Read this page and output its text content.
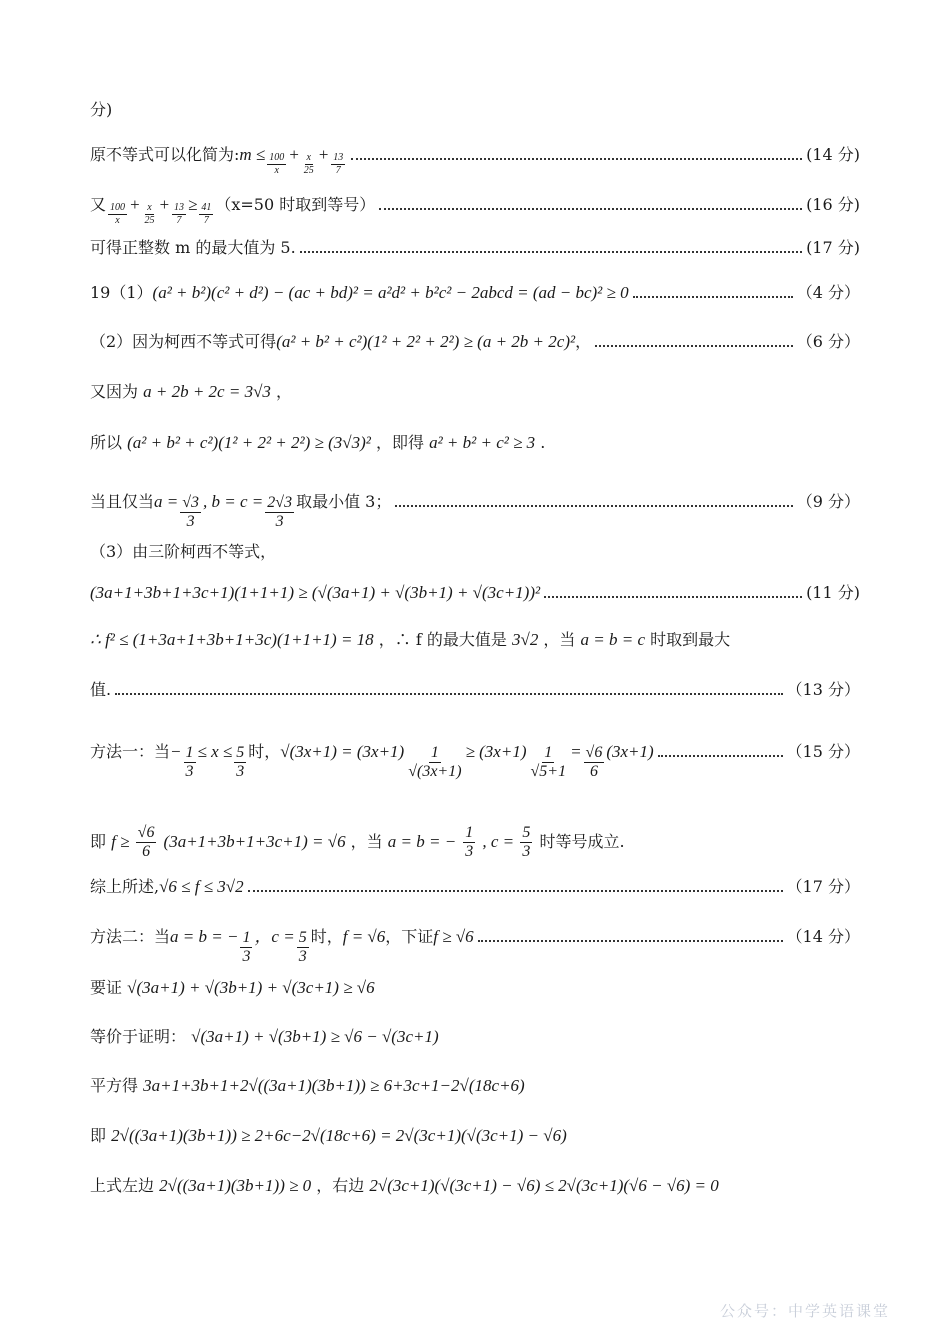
分)
原不等式可以化简为: $m \le \frac{100}{x} + \frac{x}{25} + \frac{13}{7}$	(14 分)
又 $\frac{100}{x} + \frac{x}{25} + \frac{13}{7} \ge \frac{41}{7} (x=50$ 时取到等号）	(16 分)
可得正整数 m 的最大值为 5.	(17 分)
19（1） (a² + b²)(c² + d²) − (ac + bd)² = a²d² + b²c² − 2abcd = (ad − bc)² ≥ 0	（4 分）
（2）因为柯西不等式可得 (a² + b² + c²)(1² + 2² + 2²) ≥ (a + 2b + 2c)² ，	（6 分）
又因为 a + 2b + 2c = 3√3 ，
所以 (a² + b² + c²)(1² + 2² + 2²) ≥ (3√3)² ，即得 a² + b² + c² ≥ 3 .
当且仅当 $a = \frac{√3}{3}$ , $b = c = \frac{2√3}{3}$ 取最小值 3；	（9 分）
（3）由三阶柯西不等式，
(3a+1+3b+1+3c+1)(1+1+1) ≥ (√(3a+1) + √(3b+1) + √(3c+1))²	(11 分)
∴ f² ≤ (1+3a+1+3b+1+3c)(1+1+1) = 18 ，∴ f 的最大值是 3√2 ，当 a = b = c 时取到最大
值.	（13 分）
方法一：当 − $\frac{1}{3} \le x \le \frac{5}{3}$ 时， $√(3x+1) = (3x+1) \frac{1}{√(3x+1)} \ge (3x+1) \frac{1}{√5+1} = \frac{√6}{6} (3x+1)$	（15 分）
即 $f \ge \frac{√6}{6} (3a+1+3b+1+3c+1) = √6$ ，当 a = b = − $\frac{1}{3}$ , $c = \frac{5}{3}$ 时等号成立.
综上所述, √6 ≤ f ≤ 3√2	（17 分）
方法二：当 a = b = − $\frac{1}{3}$ ，$c = \frac{5}{3}$ 时， f = √6 ，下证 f ≥ √6	（14 分）
要证 √(3a+1) + √(3b+1) + √(3c+1) ≥ √6
等价于证明： √(3a+1) + √(3b+1) ≥ √6 − √(3c+1)
平方得 3a+1+3b+1+2√((3a+1)(3b+1)) ≥ 6+3c+1−2√(18c+6)
即 2√((3a+1)(3b+1)) ≥ 2+6c−2√(18c+6) = 2√(3c+1)(√(3c+1) − √6)
上式左边 2√((3a+1)(3b+1)) ≥ 0 ，右边 2√(3c+1)(√(3c+1) − √6) ≤ 2√(3c+1)(√6 − √6) = 0
公众号：中学英语课堂
